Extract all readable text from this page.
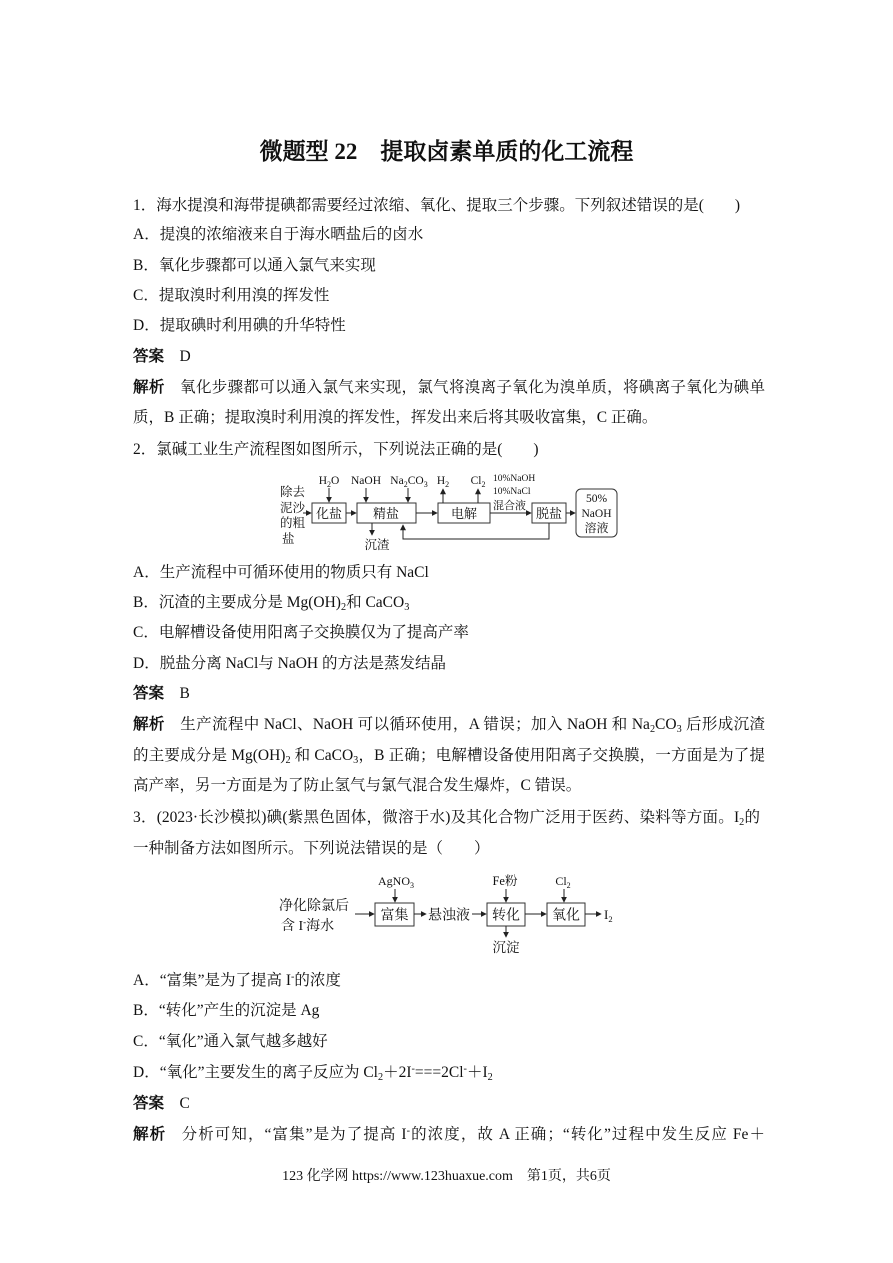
微题型 22　提取卤素单质的化工流程
1．海水提溴和海带提碘都需要经过浓缩、氧化、提取三个步骤。下列叙述错误的是(　　)
A．提溴的浓缩液来自于海水晒盐后的卤水
B．氧化步骤都可以通入氯气来实现
C．提取溴时利用溴的挥发性
D．提取碘时利用碘的升华特性
答案 D
解析 氧化步骤都可以通入氯气来实现，氯气将溴离子氧化为溴单质，将碘离子氧化为碘单
质，B 正确；提取溴时利用溴的挥发性，挥发出来后将其吸收富集，C 正确。
2．氯碱工业生产流程图如图所示，下列说法正确的是(　　)
除去
泥沙
的粗
盐
化盐
$H_2O$
精盐
NaOH $Na_2CO_3$
沉渣
电解
$H_2$ $Cl_2$
10%NaOH
10%NaCl
混合液 脱盐
50%
NaOH
溶液
A．生产流程中可循环使用的物质只有 NaCl
B．沉渣的主要成分是 $Mg(OH)_2$和 CaCO$_3$
C．电解槽设备使用阳离子交换膜仅为了提高产率
D．脱盐分离 NaCl与 NaOH 的方法是蒸发结晶
答案 B
解析 生产流程中 NaCl、NaOH 可以循环使用，A 错误；加入 NaOH 和 $Na_2CO_3$ 后形成沉渣
的主要成分是 $Mg(OH)_2$ 和 CaCO$_3$，B 正确；电解槽设备使用阳离子交换膜，一方面是为了提
高产率，另一方面是为了防止氢气与氯气混合发生爆炸，C 错误。
3．(2023·长沙模拟)碘(紫黑色固体，微溶于水)及其化合物广泛用于医药、染料等方面。$I_2$的
一种制备方法如图所示。下列说法错误的是（　　）
净化除氯后
含 I-海水
富集
AgNO$_3$
悬浊液 转化
Fe粉
沉淀
氧化
$Cl_2$
$I_2$
A．“富集”是为了提高 I-的浓度
B．“转化”产生的沉淀是 Ag
C．“氧化”通入氯气越多越好
D．“氧化”主要发生的离子反应为 $Cl_2+2I^-===2Cl^-+I_2$
答案 C
解析 分析可知，“富集”是为了提高 I-的浓度，故 A 正确；“转化”过程中发生反应 Fe＋
123 化学网 https://www.123huaxue.com　第1页，共6页
